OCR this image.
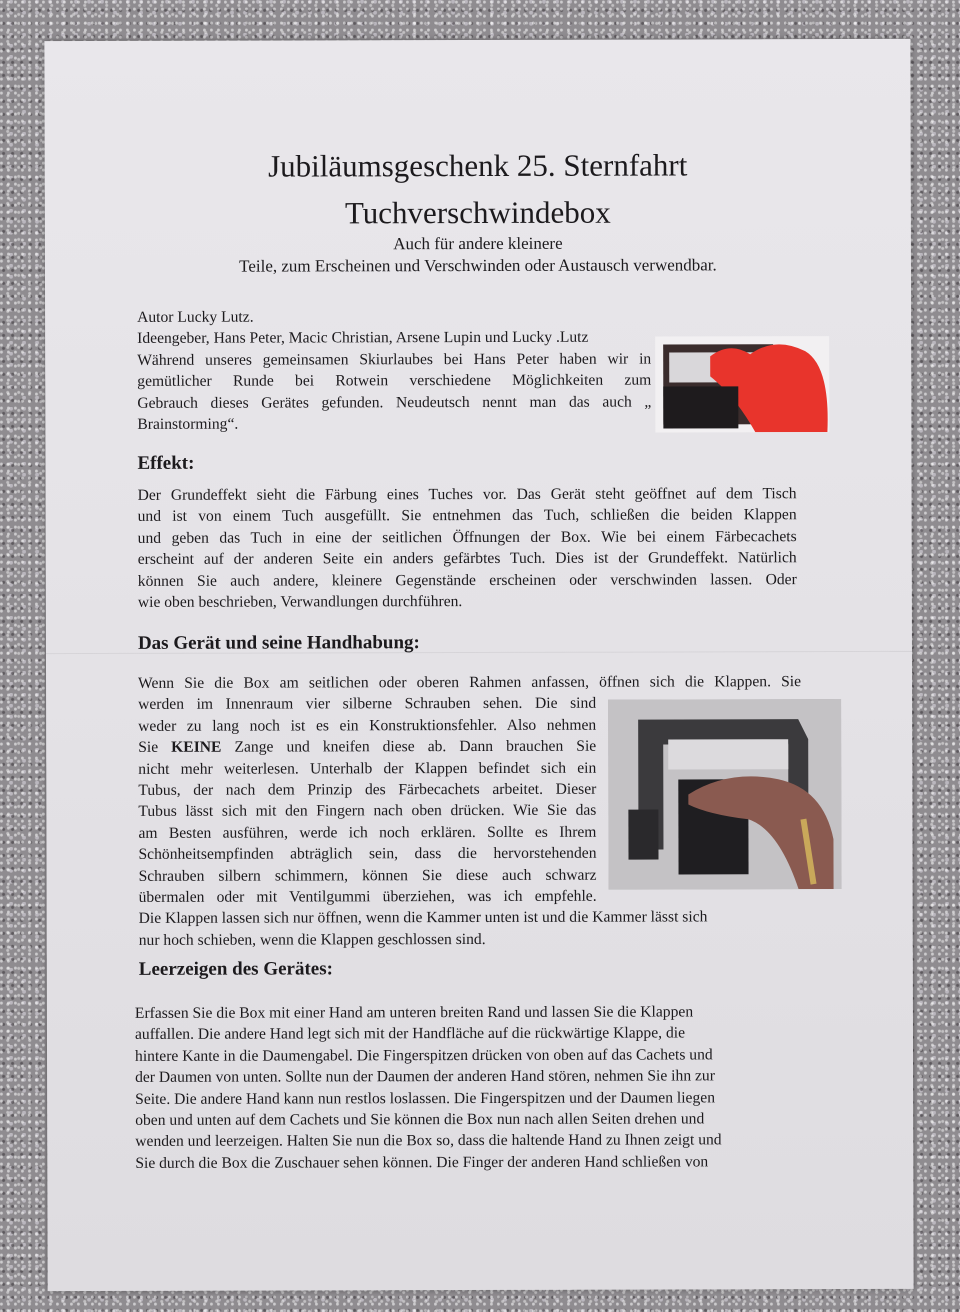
Jubiläumsgeschenk 25. Sternfahrt
Tuchverschwindebox
Auch für andere kleinere
Teile, zum Erscheinen und Verschwinden oder Austausch verwendbar.
Autor Lucky Lutz.
Ideengeber, Hans Peter, Macic Christian, Arsene Lupin und Lucky .Lutz
Während unseres gemeinsamen Skiurlaubes bei Hans Peter haben wir in
gemütlicher Runde bei Rotwein verschiedene Möglichkeiten zum
Gebrauch dieses Gerätes gefunden. Neudeutsch nennt man das auch „
Brainstorming“.
Effekt:
Der Grundeffekt sieht die Färbung eines Tuches vor. Das Gerät steht geöffnet auf dem Tisch
und ist von einem Tuch ausgefüllt. Sie entnehmen das Tuch, schließen die beiden Klappen
und geben das Tuch in eine der seitlichen Öffnungen der Box. Wie bei einem Färbecachets
erscheint auf der anderen Seite ein anders gefärbtes Tuch. Dies ist der Grundeffekt. Natürlich
können Sie auch andere, kleinere Gegenstände erscheinen oder verschwinden lassen. Oder
wie oben beschrieben, Verwandlungen durchführen.
Das Gerät und seine Handhabung:
Wenn Sie die Box am seitlichen oder oberen Rahmen anfassen, öffnen sich die Klappen. Sie
werden im Innenraum vier silberne Schrauben sehen. Die sind
weder zu lang noch ist es ein Konstruktionsfehler. Also nehmen
Sie KEINE Zange und kneifen diese ab. Dann brauchen Sie
nicht mehr weiterlesen. Unterhalb der Klappen befindet sich ein
Tubus, der nach dem Prinzip des Färbecachets arbeitet. Dieser
Tubus lässt sich mit den Fingern nach oben drücken. Wie Sie das
am Besten ausführen, werde ich noch erklären. Sollte es Ihrem
Schönheitsempfinden abträglich sein, dass die hervorstehenden
Schrauben silbern schimmern, können Sie diese auch schwarz
übermalen oder mit Ventilgummi überziehen, was ich empfehle.
Die Klappen lassen sich nur öffnen, wenn die Kammer unten ist und die Kammer lässt sich
nur hoch schieben, wenn die Klappen geschlossen sind.
Leerzeigen des Gerätes:
Erfassen Sie die Box mit einer Hand am unteren breiten Rand und lassen Sie die Klappen
auffallen. Die andere Hand legt sich mit der Handfläche auf die rückwärtige Klappe, die
hintere Kante in die Daumengabel. Die Fingerspitzen drücken von oben auf das Cachets und
der Daumen von unten. Sollte nun der Daumen der anderen Hand stören, nehmen Sie ihn zur
Seite. Die andere Hand kann nun restlos loslassen. Die Fingerspitzen und der Daumen liegen
oben und unten auf dem Cachets und Sie können die Box nun nach allen Seiten drehen und
wenden und leerzeigen. Halten Sie nun die Box so, dass die haltende Hand zu Ihnen zeigt und
Sie durch die Box die Zuschauer sehen können. Die Finger der anderen Hand schließen von
